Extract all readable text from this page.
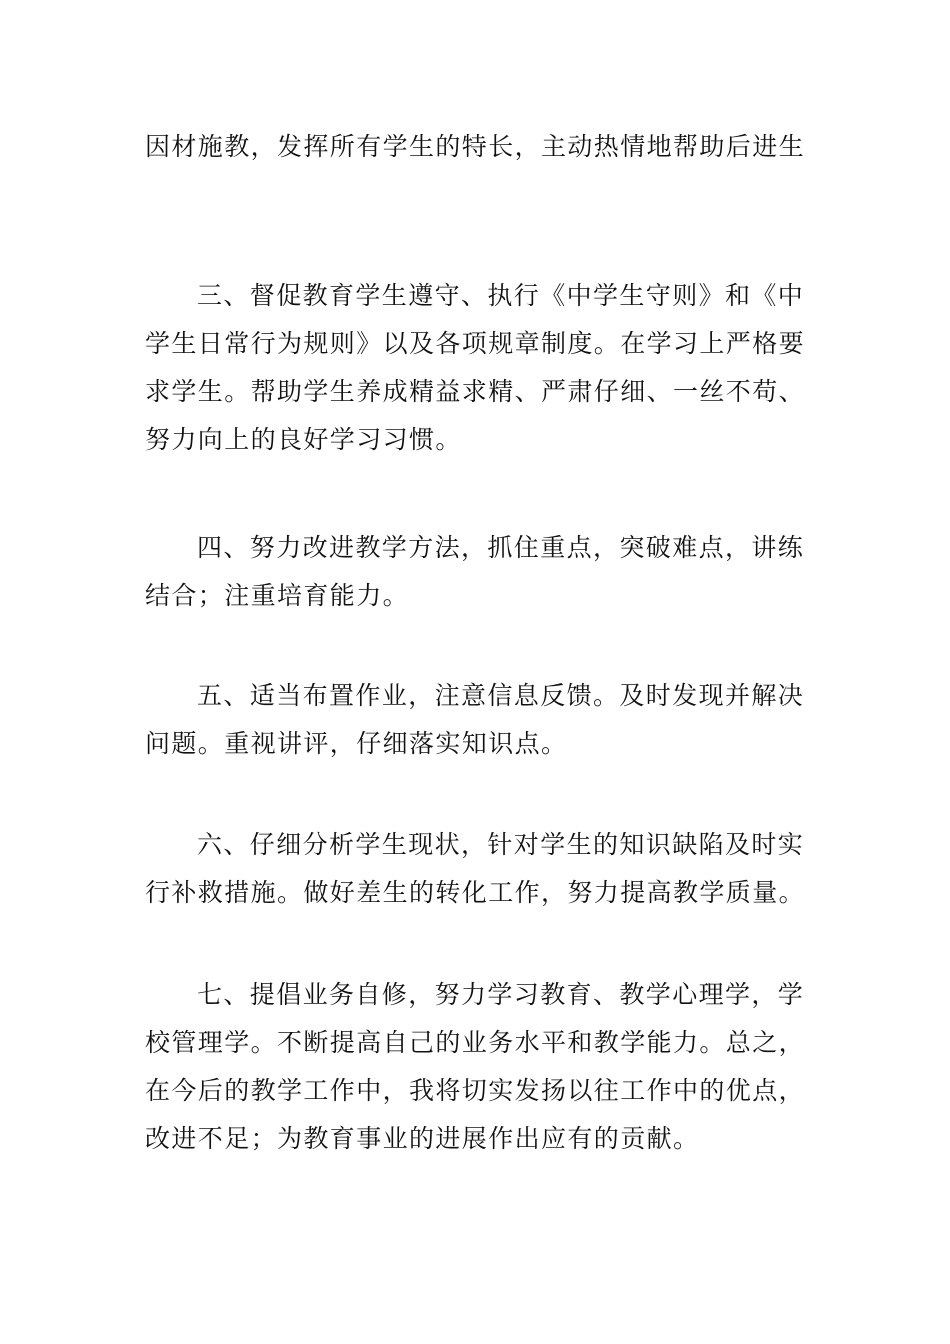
因材施教，发挥所有学生的特长，主动热情地帮助后进生

三、督促教育学生遵守、执行《中学生守则》和《中学生日常行为规则》以及各项规章制度。在学习上严格要求学生。帮助学生养成精益求精、严肃仔细、一丝不苟、努力向上的良好学习习惯。

四、努力改进教学方法，抓住重点，突破难点，讲练结合；注重培育能力。

五、适当布置作业，注意信息反馈。及时发现并解决问题。重视讲评，仔细落实知识点。

六、仔细分析学生现状，针对学生的知识缺陷及时实行补救措施。做好差生的转化工作，努力提高教学质量。

七、提倡业务自修，努力学习教育、教学心理学，学校管理学。不断提高自己的业务水平和教学能力。总之，在今后的教学工作中，我将切实发扬以往工作中的优点，改进不足；为教育事业的进展作出应有的贡献。
